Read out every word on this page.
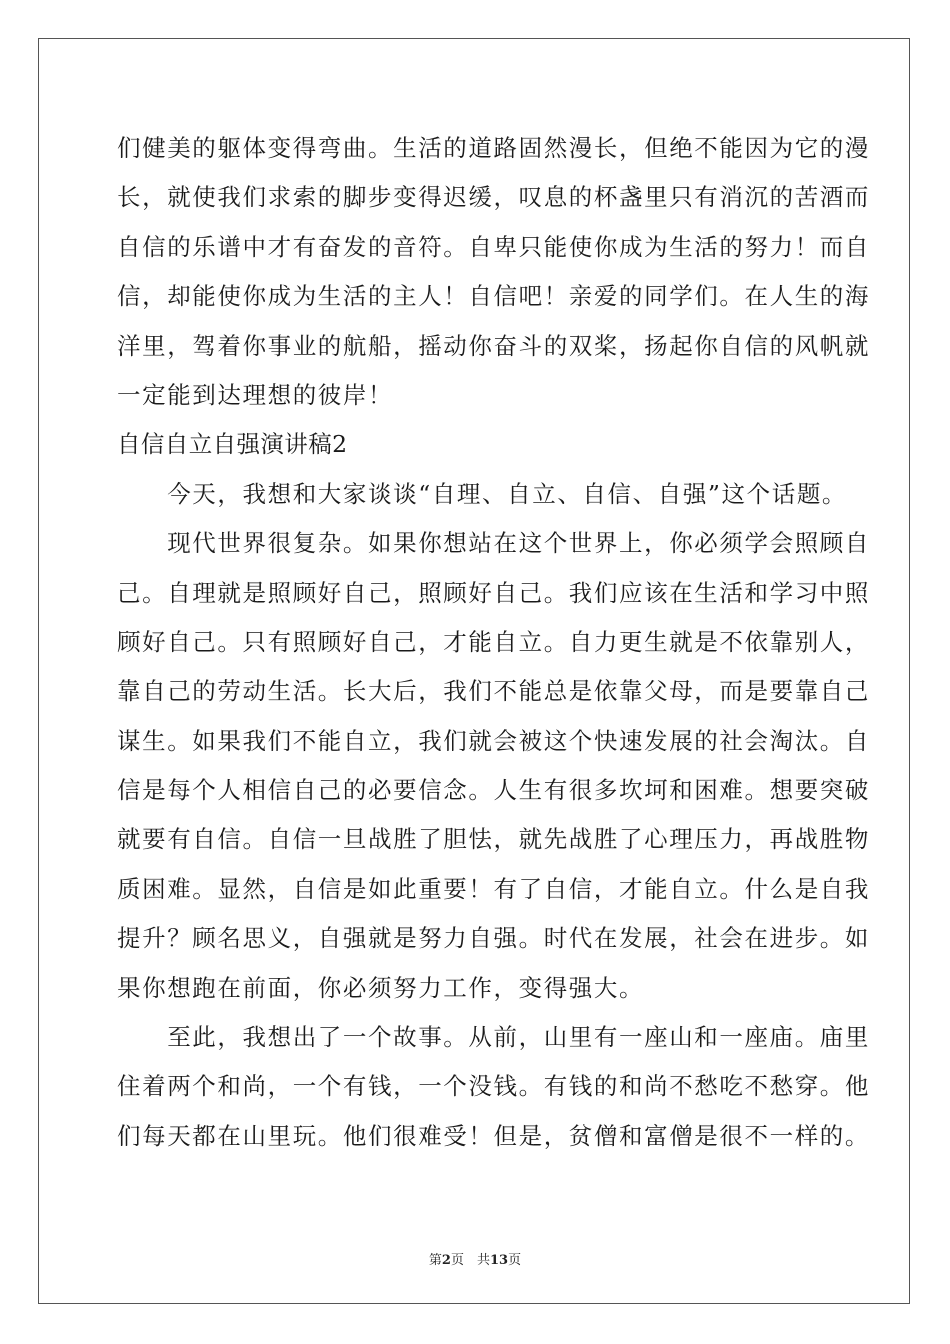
们健美的躯体变得弯曲。生活的道路固然漫长，但绝不能因为它的漫
长，就使我们求索的脚步变得迟缓，叹息的杯盏里只有消沉的苦酒而
自信的乐谱中才有奋发的音符。自卑只能使你成为生活的努力！而自
信，却能使你成为生活的主人！自信吧！亲爱的同学们。在人生的海
洋里，驾着你事业的航船，摇动你奋斗的双桨，扬起你自信的风帆就
一定能到达理想的彼岸！
自信自立自强演讲稿2
　　今天，我想和大家谈谈“自理、自立、自信、自强”这个话题。
　　现代世界很复杂。如果你想站在这个世界上，你必须学会照顾自
己。自理就是照顾好自己，照顾好自己。我们应该在生活和学习中照
顾好自己。只有照顾好自己，才能自立。自力更生就是不依靠别人，
靠自己的劳动生活。长大后，我们不能总是依靠父母，而是要靠自己
谋生。如果我们不能自立，我们就会被这个快速发展的社会淘汰。自
信是每个人相信自己的必要信念。人生有很多坎坷和困难。想要突破
就要有自信。自信一旦战胜了胆怯，就先战胜了心理压力，再战胜物
质困难。显然，自信是如此重要！有了自信，才能自立。什么是自我
提升？顾名思义，自强就是努力自强。时代在发展，社会在进步。如
果你想跑在前面，你必须努力工作，变得强大。
　　至此，我想出了一个故事。从前，山里有一座山和一座庙。庙里
住着两个和尚，一个有钱，一个没钱。有钱的和尚不愁吃不愁穿。他
们每天都在山里玩。他们很难受！但是，贫僧和富僧是很不一样的。
第2页　共13页
